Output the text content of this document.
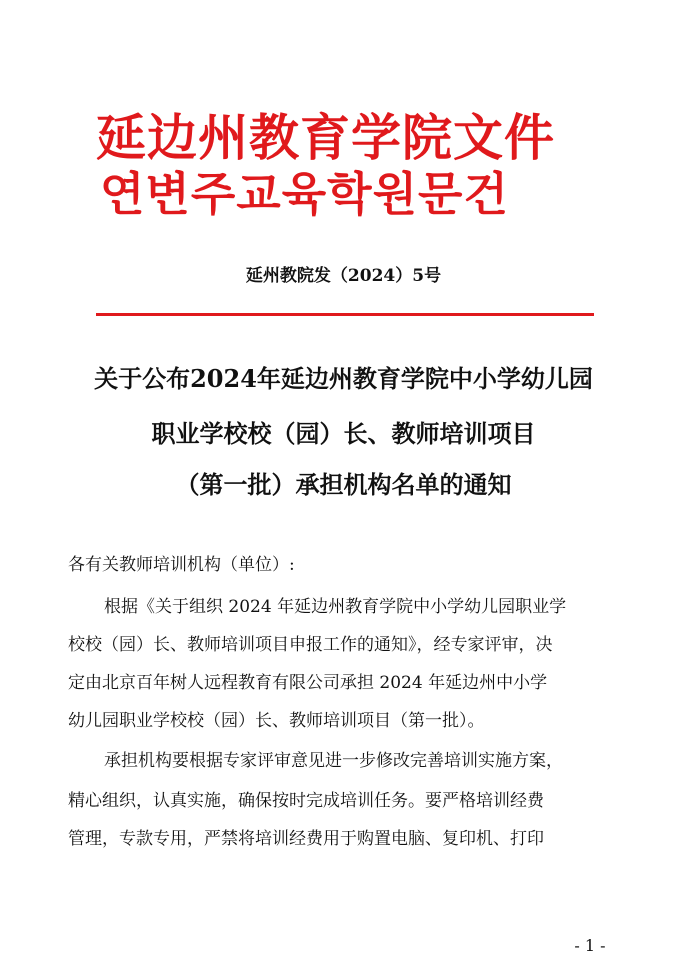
延边州教育学院文件
연변주교육학원문건
延州教院发（2024）5号
关于公布2024年延边州教育学院中小学幼儿园
职业学校校（园）长、教师培训项目
（第一批）承担机构名单的通知
各有关教师培训机构（单位）:
根据《关于组织 2024 年延边州教育学院中小学幼儿园职业学
校校（园）长、教师培训项目申报工作的通知》，经专家评审，决
定由北京百年树人远程教育有限公司承担 2024 年延边州中小学
幼儿园职业学校校（园）长、教师培训项目（第一批）。
承担机构要根据专家评审意见进一步修改完善培训实施方案，
精心组织，认真实施，确保按时完成培训任务。要严格培训经费
管理，专款专用，严禁将培训经费用于购置电脑、复印机、打印
- 1 -
